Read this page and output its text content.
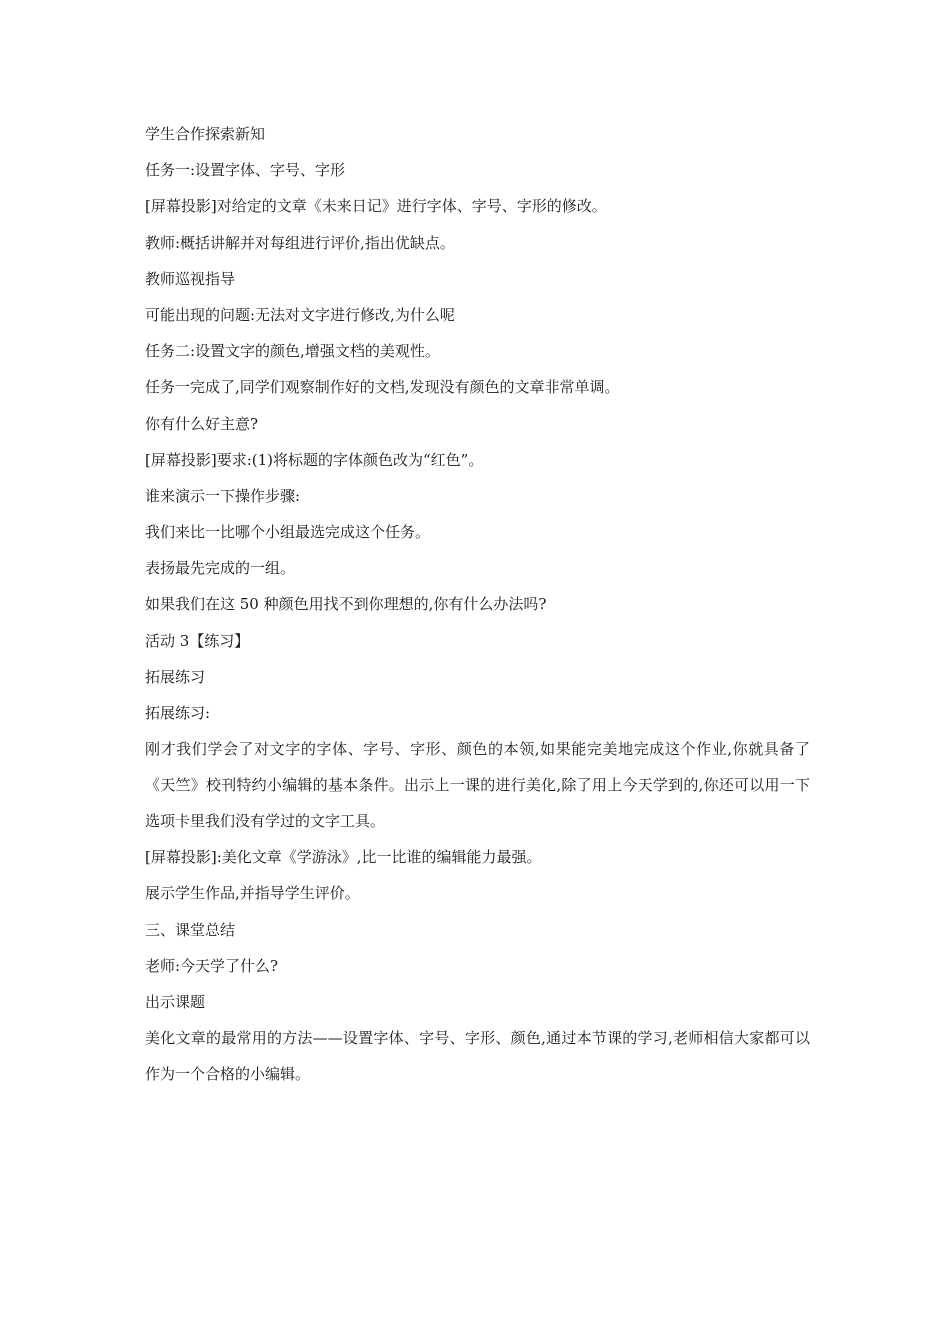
学生合作探索新知
任务一:设置字体、字号、字形
[屏幕投影]对给定的文章《未来日记》进行字体、字号、字形的修改。
教师:概括讲解并对每组进行评价,指出优缺点。
教师巡视指导
可能出现的问题:无法对文字进行修改,为什么呢
任务二:设置文字的颜色,增强文档的美观性。
任务一完成了,同学们观察制作好的文档,发现没有颜色的文章非常单调。
你有什么好主意?
[屏幕投影]要求:(1)将标题的字体颜色改为“红色”。
谁来演示一下操作步骤:
我们来比一比哪个小组最选完成这个任务。
表扬最先完成的一组。
如果我们在这 50 种颜色用找不到你理想的,你有什么办法吗?
活动 3【练习】
拓展练习
拓展练习:
刚才我们学会了对文字的字体、字号、字形、颜色的本领,如果能完美地完成这个作业,你就具备了《天竺》校刊特约小编辑的基本条件。出示上一课的进行美化,除了用上今天学到的,你还可以用一下选项卡里我们没有学过的文字工具。
[屏幕投影]:美化文章《学游泳》,比一比谁的编辑能力最强。
展示学生作品,并指导学生评价。
三、课堂总结
老师:今天学了什么?
出示课题
美化文章的最常用的方法——设置字体、字号、字形、颜色,通过本节课的学习,老师相信大家都可以作为一个合格的小编辑。
